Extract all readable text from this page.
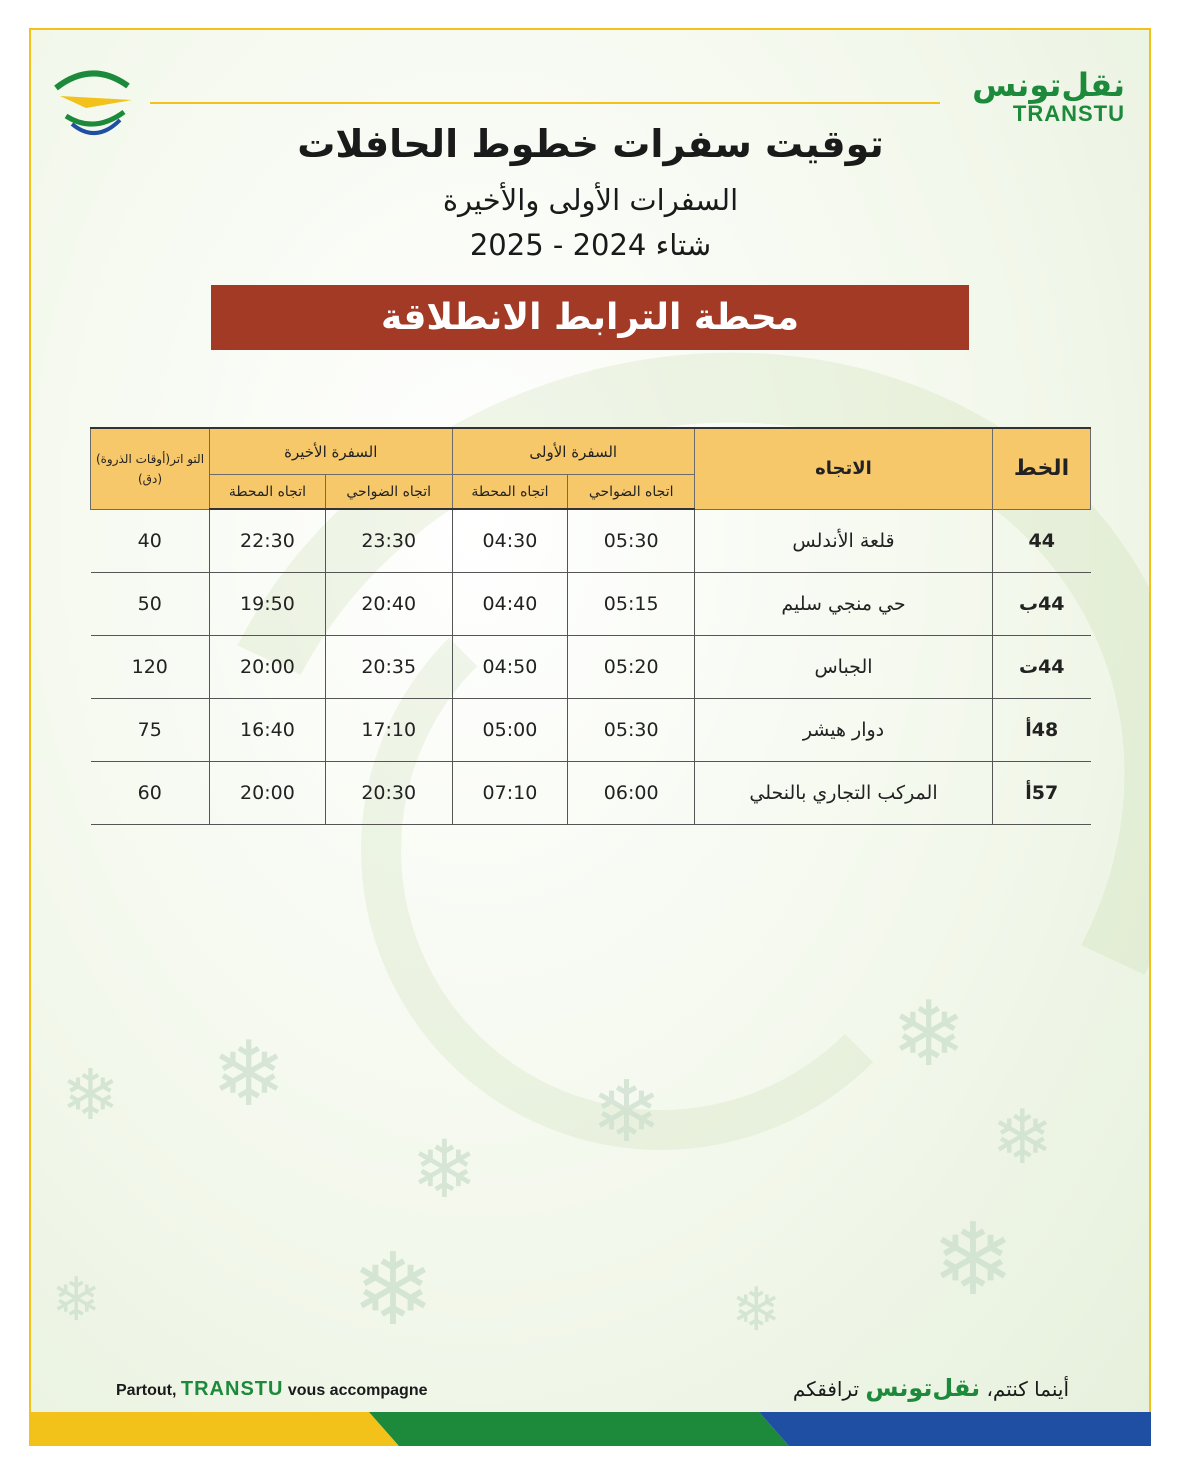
❄
❄
❄
❄
❄
❄
❄	❄
❄	❄
نقل‌تونس
TRANSTU
توقيت سفرات خطوط الحافلات
السفرات الأولى والأخيرة
شتاء 2024 - 2025
محطة الترابط الانطلاقة
الخط	الاتجاه	السفرة الأولى		السفرة الأخيرة		التو اتر(أوقات الذروة) (دق)
		اتجاه الضواحي	اتجاه المحطة	اتجاه الضواحي	اتجاه المحطة	
44	قلعة الأندلس	05:30	04:30	23:30	22:30	40
44ب	حي منجي سليم	05:15	04:40	20:40	19:50	50
44ت	الجباس	05:20	04:50	20:35	20:00	120
48أ	دوار هيشر	05:30	05:00	17:10	16:40	75
57أ	المركب التجاري بالنحلي	06:00	07:10	20:30	20:00	60
Partout, TRANSTU vous accompagne	أينما كنتم، نقل‌تونس ترافقكم
